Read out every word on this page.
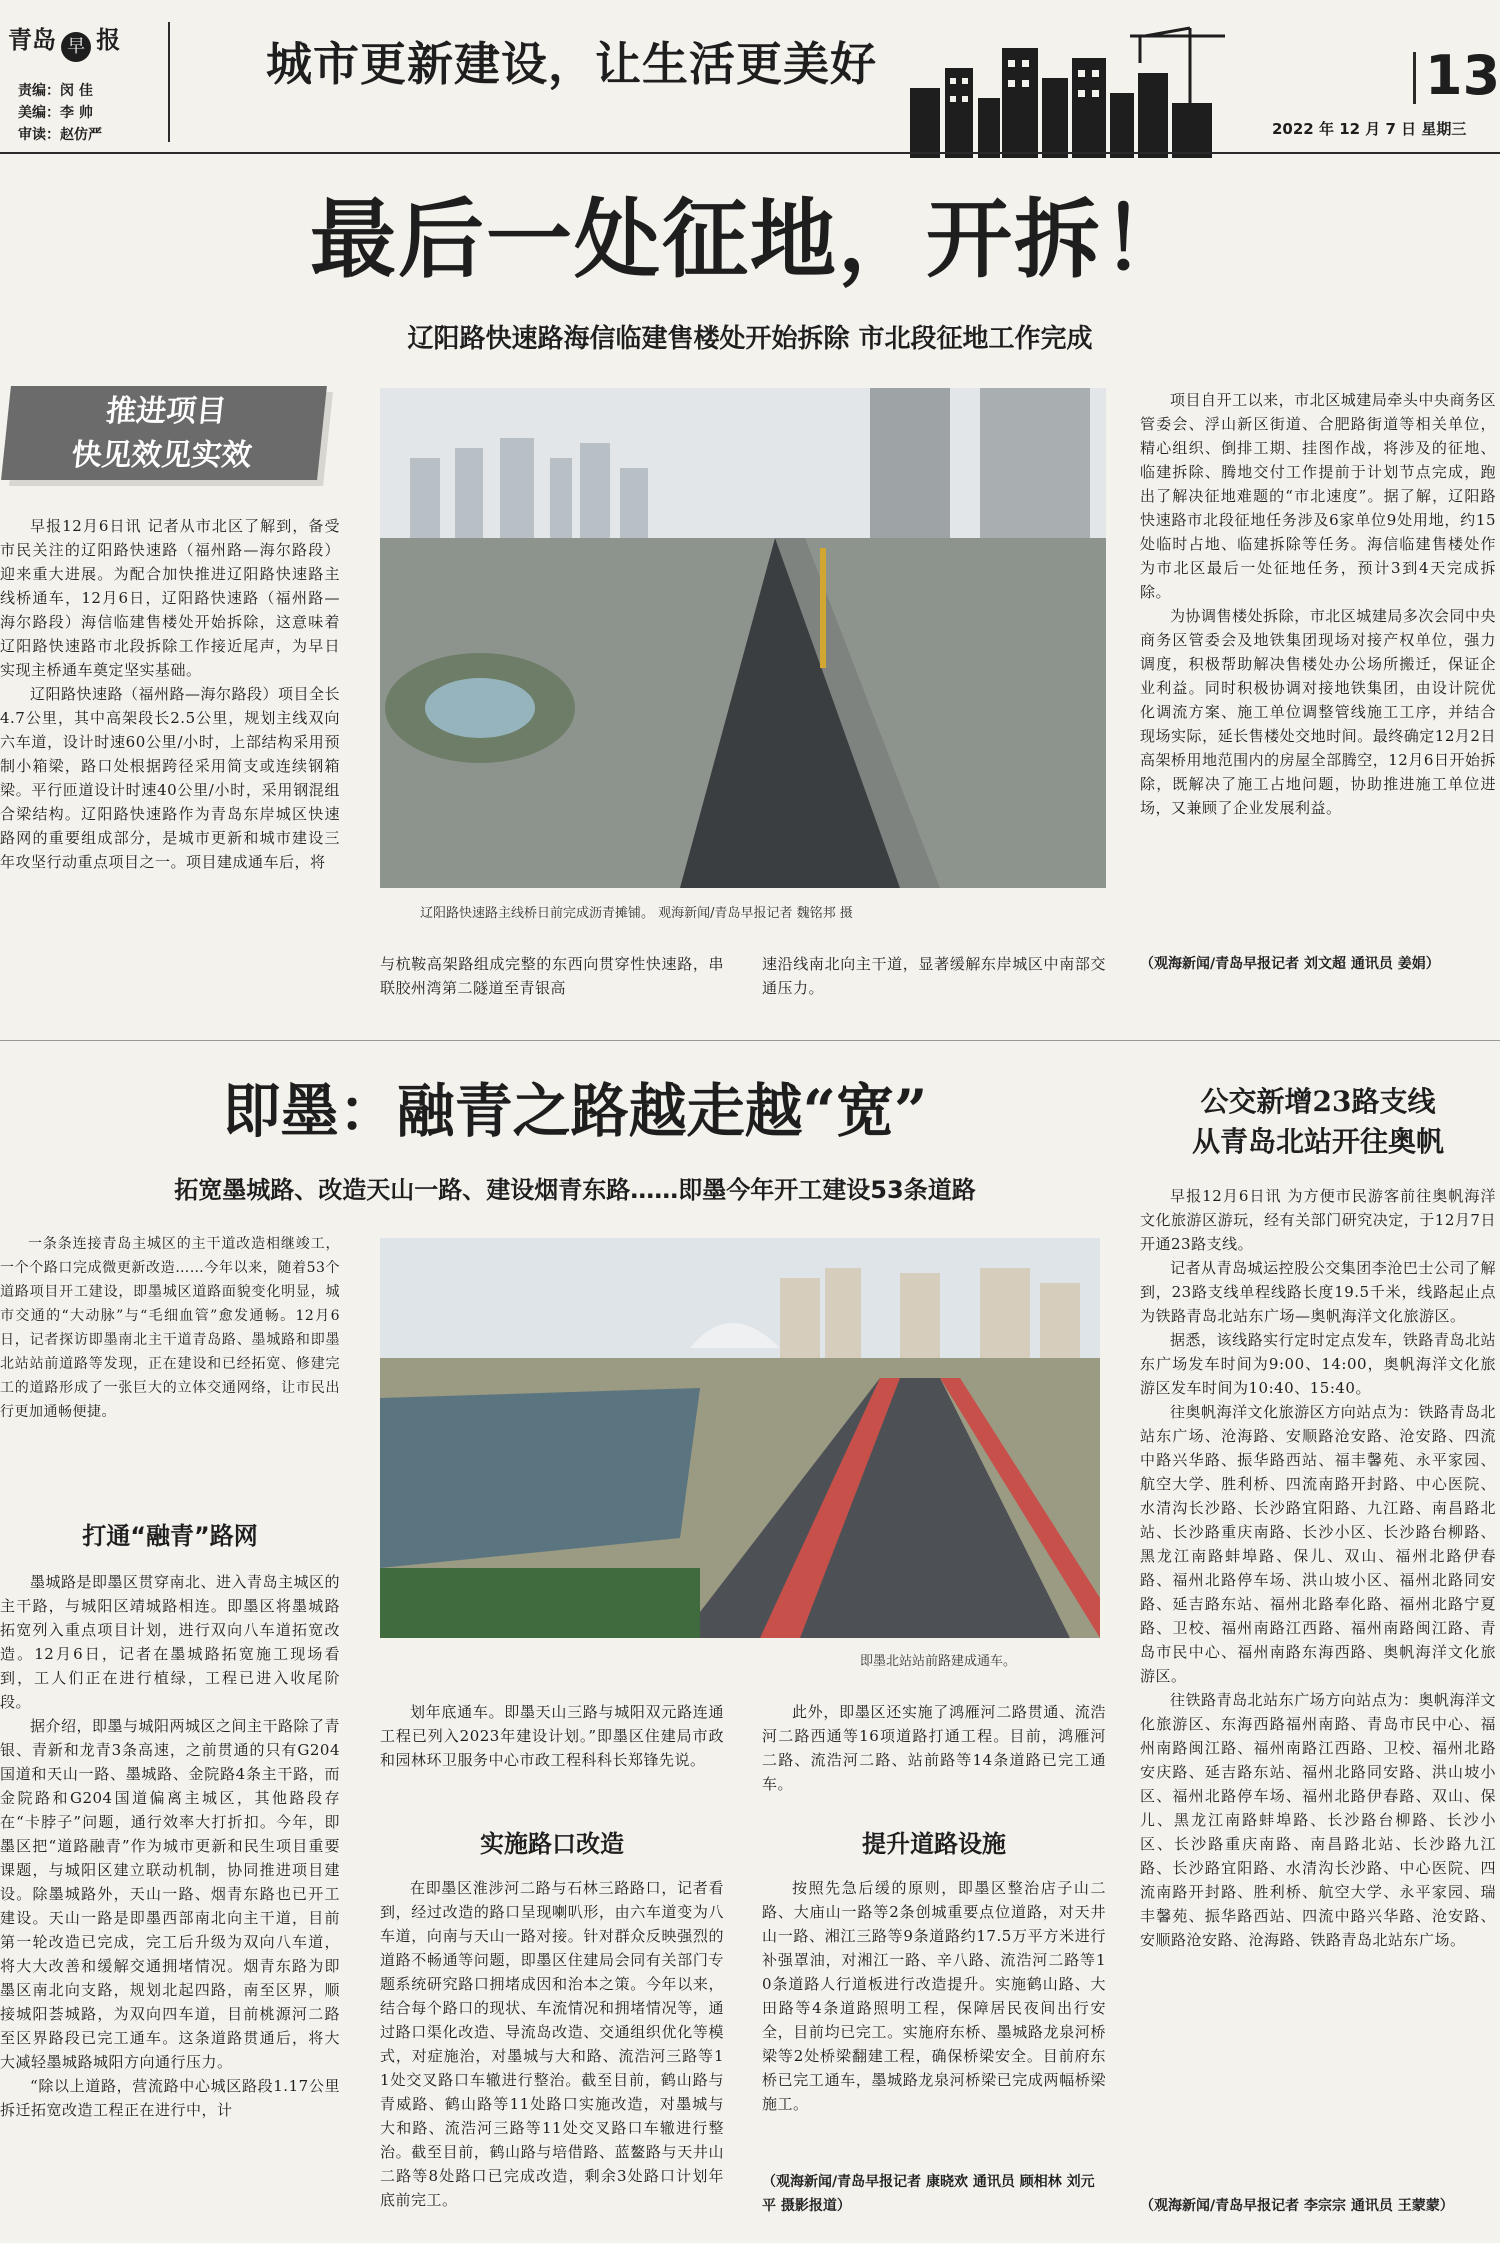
青岛 早 报
责编：闵 佳
美编：李 帅
审读：赵仿严
城市更新建设，让生活更美好	13
2022 年 12 月 7 日 星期三
最后一处征地，开拆！
辽阳路快速路海信临建售楼处开始拆除 市北段征地工作完成
推进项目
快见效见实效

早报12月6日讯 记者从市北区了解到，备受市民关注的辽阳路快速路（福州路—海尔路段）迎来重大进展。为配合加快推进辽阳路快速路主线桥通车，12月6日，辽阳路快速路（福州路—海尔路段）海信临建售楼处开始拆除，这意味着辽阳路快速路市北段拆除工作接近尾声，为早日实现主桥通车奠定坚实基础。

辽阳路快速路（福州路—海尔路段）项目全长4.7公里，其中高架段长2.5公里，规划主线双向六车道，设计时速60公里/小时，上部结构采用预制小箱梁，路口处根据跨径采用简支或连续钢箱梁。平行匝道设计时速40公里/小时，采用钢混组合梁结构。辽阳路快速路作为青岛东岸城区快速路网的重要组成部分，是城市更新和城市建设三年攻坚行动重点项目之一。项目建成通车后，将

辽阳路快速路主线桥日前完成沥青摊铺。 观海新闻/青岛早报记者 魏铭邦 摄
与杭鞍高架路组成完整的东西向贯穿性快速路，串联胶州湾第二隧道至青银高
速沿线南北向主干道，显著缓解东岸城区中南部交通压力。

项目自开工以来，市北区城建局牵头中央商务区管委会、浮山新区街道、合肥路街道等相关单位，精心组织、倒排工期、挂图作战，将涉及的征地、临建拆除、腾地交付工作提前于计划节点完成，跑出了解决征地难题的“市北速度”。据了解，辽阳路快速路市北段征地任务涉及6家单位9处用地，约15处临时占地、临建拆除等任务。海信临建售楼处作为市北区最后一处征地任务，预计3到4天完成拆除。

为协调售楼处拆除，市北区城建局多次会同中央商务区管委会及地铁集团现场对接产权单位，强力调度，积极帮助解决售楼处办公场所搬迁，保证企业利益。同时积极协调对接地铁集团，由设计院优化调流方案、施工单位调整管线施工工序，并结合现场实际，延长售楼处交地时间。最终确定12月2日高架桥用地范围内的房屋全部腾空，12月6日开始拆除，既解决了施工占地问题，协助推进施工单位进场，又兼顾了企业发展利益。

（观海新闻/青岛早报记者 刘文超 通讯员 姜娟）
即墨：融青之路越走越“宽”
拓宽墨城路、改造天山一路、建设烟青东路……即墨今年开工建设53条道路
一条条连接青岛主城区的主干道改造相继竣工，一个个路口完成微更新改造……今年以来，随着53个道路项目开工建设，即墨城区道路面貌变化明显，城市交通的“大动脉”与“毛细血管”愈发通畅。12月6日，记者探访即墨南北主干道青岛路、墨城路和即墨北站站前道路等发现，正在建设和已经拓宽、修建完工的道路形成了一张巨大的立体交通网络，让市民出行更加通畅便捷。
打通“融青”路网

墨城路是即墨区贯穿南北、进入青岛主城区的主干路，与城阳区靖城路相连。即墨区将墨城路拓宽列入重点项目计划，进行双向八车道拓宽改造。12月6日，记者在墨城路拓宽施工现场看到，工人们正在进行植绿，工程已进入收尾阶段。

据介绍，即墨与城阳两城区之间主干路除了青银、青新和龙青3条高速，之前贯通的只有G204国道和天山一路、墨城路、金院路4条主干路，而金院路和G204国道偏离主城区，其他路段存在“卡脖子”问题，通行效率大打折扣。今年，即墨区把“道路融青”作为城市更新和民生项目重要课题，与城阳区建立联动机制，协同推进项目建设。除墨城路外，天山一路、烟青东路也已开工建设。天山一路是即墨西部南北向主干道，目前第一轮改造已完成，完工后升级为双向八车道，将大大改善和缓解交通拥堵情况。烟青东路为即墨区南北向支路，规划北起四路，南至区界，顺接城阳荟城路，为双向四车道，目前桃源河二路至区界路段已完工通车。这条道路贯通后，将大大减轻墨城路城阳方向通行压力。

“除以上道路，营流路中心城区路段1.17公里拆迁拓宽改造工程正在进行中，计

即墨北站站前路建成通车。

划年底通车。即墨天山三路与城阳双元路连通工程已列入2023年建设计划。”即墨区住建局市政和园林环卫服务中心市政工程科科长郑锋先说。

实施路口改造

在即墨区淮涉河二路与石林三路路口，记者看到，经过改造的路口呈现喇叭形，由六车道变为八车道，向南与天山一路对接。针对群众反映强烈的道路不畅通等问题，即墨区住建局会同有关部门专题系统研究路口拥堵成因和治本之策。今年以来，结合每个路口的现状、车流情况和拥堵情况等，通过路口渠化改造、导流岛改造、交通组织优化等模式，对症施治，对墨城与大和路、流浩河三路等11处交叉路口车辙进行整治。截至目前，鹤山路与青威路、鹤山路等11处路口实施改造，对墨城与大和路、流浩河三路等11处交叉路口车辙进行整治。截至目前，鹤山路与培借路、蓝鳌路与天井山二路等8处路口已完成改造，剩余3处路口计划年底前完工。

此外，即墨区还实施了鸿雁河二路贯通、流浩河二路西通等16项道路打通工程。目前，鸿雁河二路、流浩河二路、站前路等14条道路已完工通车。

提升道路设施

按照先急后缓的原则，即墨区整治店子山二路、大庙山一路等2条创城重要点位道路，对天井山一路、湘江三路等9条道路约17.5万平方米进行补强罩油，对湘江一路、辛八路、流浩河二路等10条道路人行道板进行改造提升。实施鹤山路、大田路等4条道路照明工程，保障居民夜间出行安全，目前均已完工。实施府东桥、墨城路龙泉河桥梁等2处桥梁翻建工程，确保桥梁安全。目前府东桥已完工通车，墨城路龙泉河桥梁已完成两幅桥梁施工。

（观海新闻/青岛早报记者 康晓欢 通讯员 顾相林 刘元平 摄影报道）
公交新增23路支线
从青岛北站开往奥帆

早报12月6日讯 为方便市民游客前往奥帆海洋文化旅游区游玩，经有关部门研究决定，于12月7日开通23路支线。

记者从青岛城运控股公交集团李沧巴士公司了解到，23路支线单程线路长度19.5千米，线路起止点为铁路青岛北站东广场—奥帆海洋文化旅游区。

据悉，该线路实行定时定点发车，铁路青岛北站东广场发车时间为9:00、14:00，奥帆海洋文化旅游区发车时间为10:40、15:40。

往奥帆海洋文化旅游区方向站点为：铁路青岛北站东广场、沧海路、安顺路沧安路、沧安路、四流中路兴华路、振华路西站、福丰馨苑、永平家园、航空大学、胜利桥、四流南路开封路、中心医院、水清沟长沙路、长沙路宜阳路、九江路、南昌路北站、长沙路重庆南路、长沙小区、长沙路台柳路、黑龙江南路蚌埠路、保儿、双山、福州北路伊春路、福州北路停车场、洪山坡小区、福州北路同安路、延吉路东站、福州北路奉化路、福州北路宁夏路、卫校、福州南路江西路、福州南路闽江路、青岛市民中心、福州南路东海西路、奥帆海洋文化旅游区。

往铁路青岛北站东广场方向站点为：奥帆海洋文化旅游区、东海西路福州南路、青岛市民中心、福州南路闽江路、福州南路江西路、卫校、福州北路安庆路、延吉路东站、福州北路同安路、洪山坡小区、福州北路停车场、福州北路伊春路、双山、保儿、黑龙江南路蚌埠路、长沙路台柳路、长沙小区、长沙路重庆南路、南昌路北站、长沙路九江路、长沙路宜阳路、水清沟长沙路、中心医院、四流南路开封路、胜利桥、航空大学、永平家园、瑞丰馨苑、振华路西站、四流中路兴华路、沧安路、安顺路沧安路、沧海路、铁路青岛北站东广场。

（观海新闻/青岛早报记者 李宗宗 通讯员 王蒙蒙）
